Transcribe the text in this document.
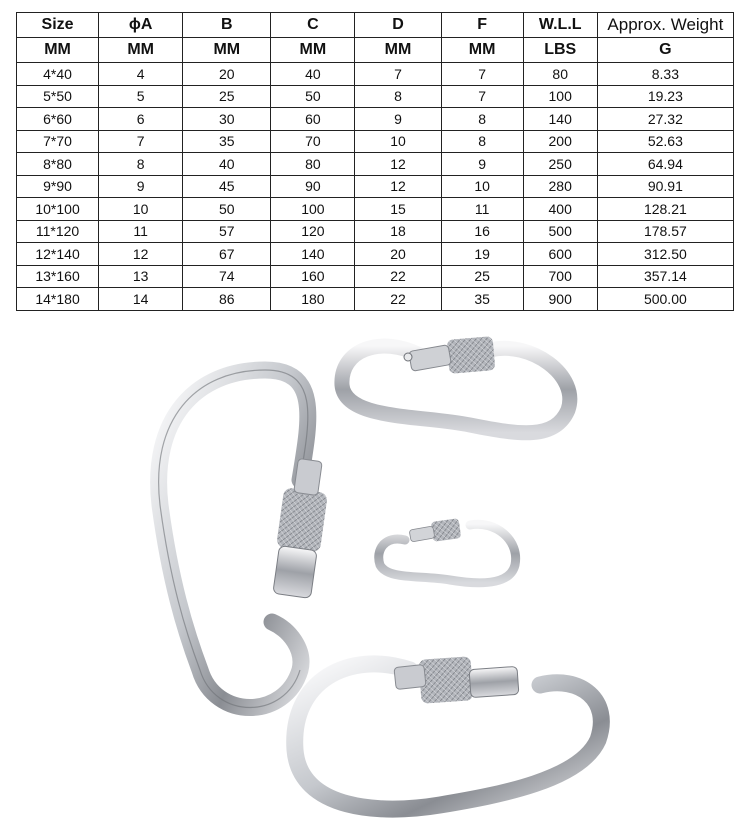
Size	ɸA	B	C	D	F	W.L.L	Approx. Weight
MM	MM	MM	MM	MM	MM	LBS	G
4*40	4	20	40	7	7	80	8.33
5*50	5	25	50	8	7	100	19.23
6*60	6	30	60	9	8	140	27.32
7*70	7	35	70	10	8	200	52.63
8*80	8	40	80	12	9	250	64.94
9*90	9	45	90	12	10	280	90.91
10*100	10	50	100	15	11	400	128.21
11*120	11	57	120	18	16	500	178.57
12*140	12	67	140	20	19	600	312.50
13*160	13	74	160	22	25	700	357.14
14*180	14	86	180	22	35	900	500.00
